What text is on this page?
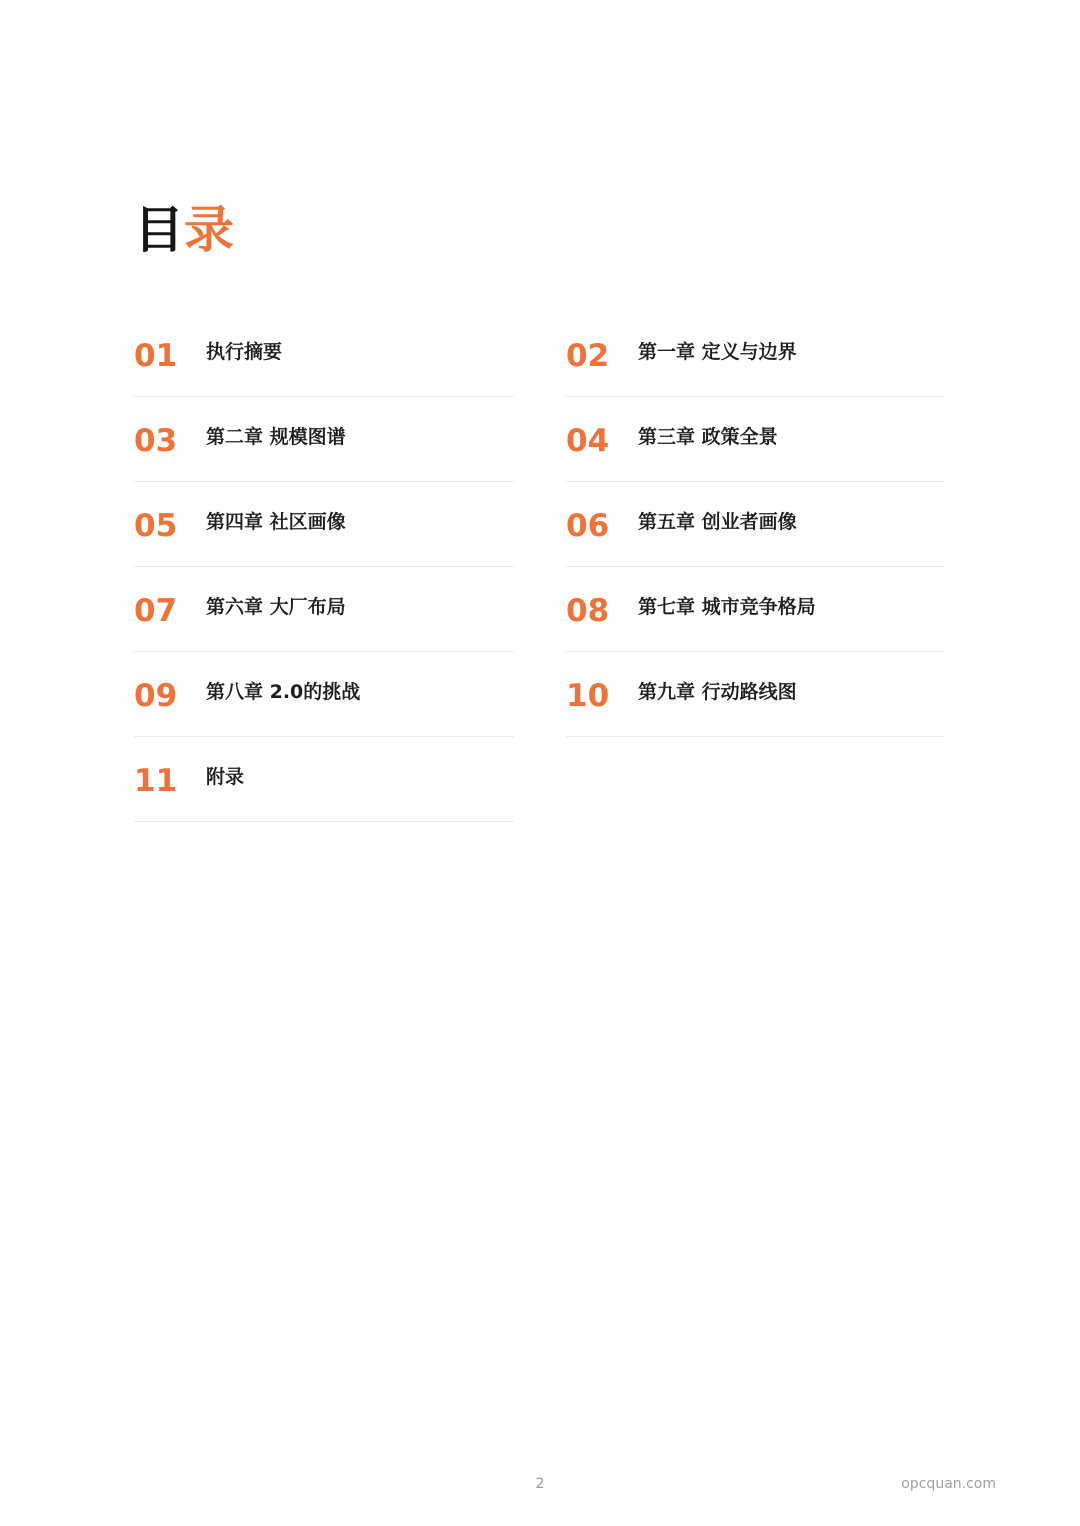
目录
01 执行摘要
03 第二章 规模图谱
05 第四章 社区画像
07 第六章 大厂布局
09 第八章 2.0的挑战
11 附录
02 第一章 定义与边界
04 第三章 政策全景
06 第五章 创业者画像
08 第七章 城市竞争格局
10 第九章 行动路线图
2	opcquan.com
